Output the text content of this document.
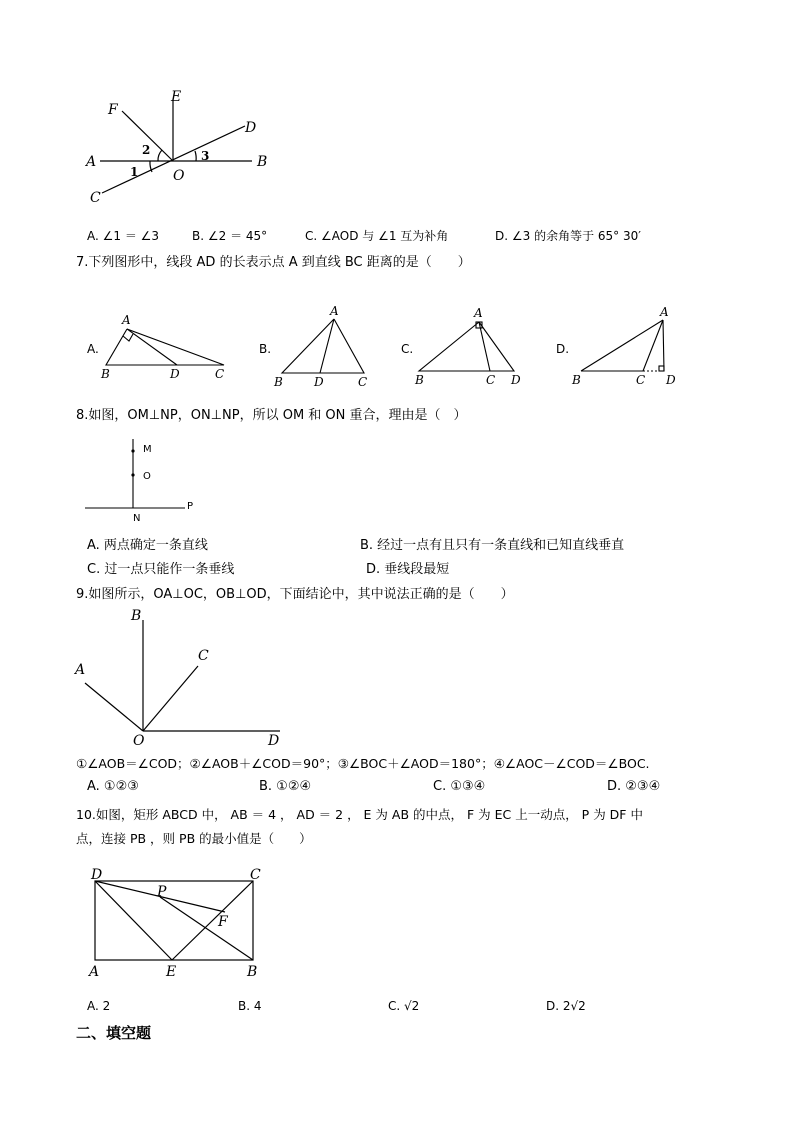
F
E
D
A	B
C
O
1
2	3
A. ∠1 ＝ ∠3	B. ∠2 ＝ 45°	C. ∠AOD 与 ∠1 互为补角	D. ∠3 的余角等于 65° 30′
7.下列图形中，线段 AD 的长表示点 A 到直线 BC 距离的是（　　）
A.	B.	C.	D.
A
B	D	C
A
B	D	C
A
B	C D
A
B	C D
8.如图，OM⊥NP，ON⊥NP，所以 OM 和 ON 重合，理由是（　）
M
O
N
P
A. 两点确定一条直线	B. 经过一点有且只有一条直线和已知直线垂直
C. 过一点只能作一条垂线	D. 垂线段最短
9.如图所示，OA⊥OC，OB⊥OD，下面结论中，其中说法正确的是（　　）
B
C
A
O	D
①∠AOB＝∠COD；②∠AOB＋∠COD＝90°；③∠BOC＋∠AOD＝180°；④∠AOC－∠COD＝∠BOC.
A. ①②③	B. ①②④	C. ①③④	D. ②③④
10.如图，矩形 ABCD 中， AB ＝ 4 ， AD ＝ 2 ， E 为 AB 的中点， F 为 EC 上一动点， P 为 DF 中
点，连接 PB ，则 PB 的最小值是（　　）
D	C
P
F
A	E	B
A. 2	B. 4	C. √2	D. 2√2
二、填空题
